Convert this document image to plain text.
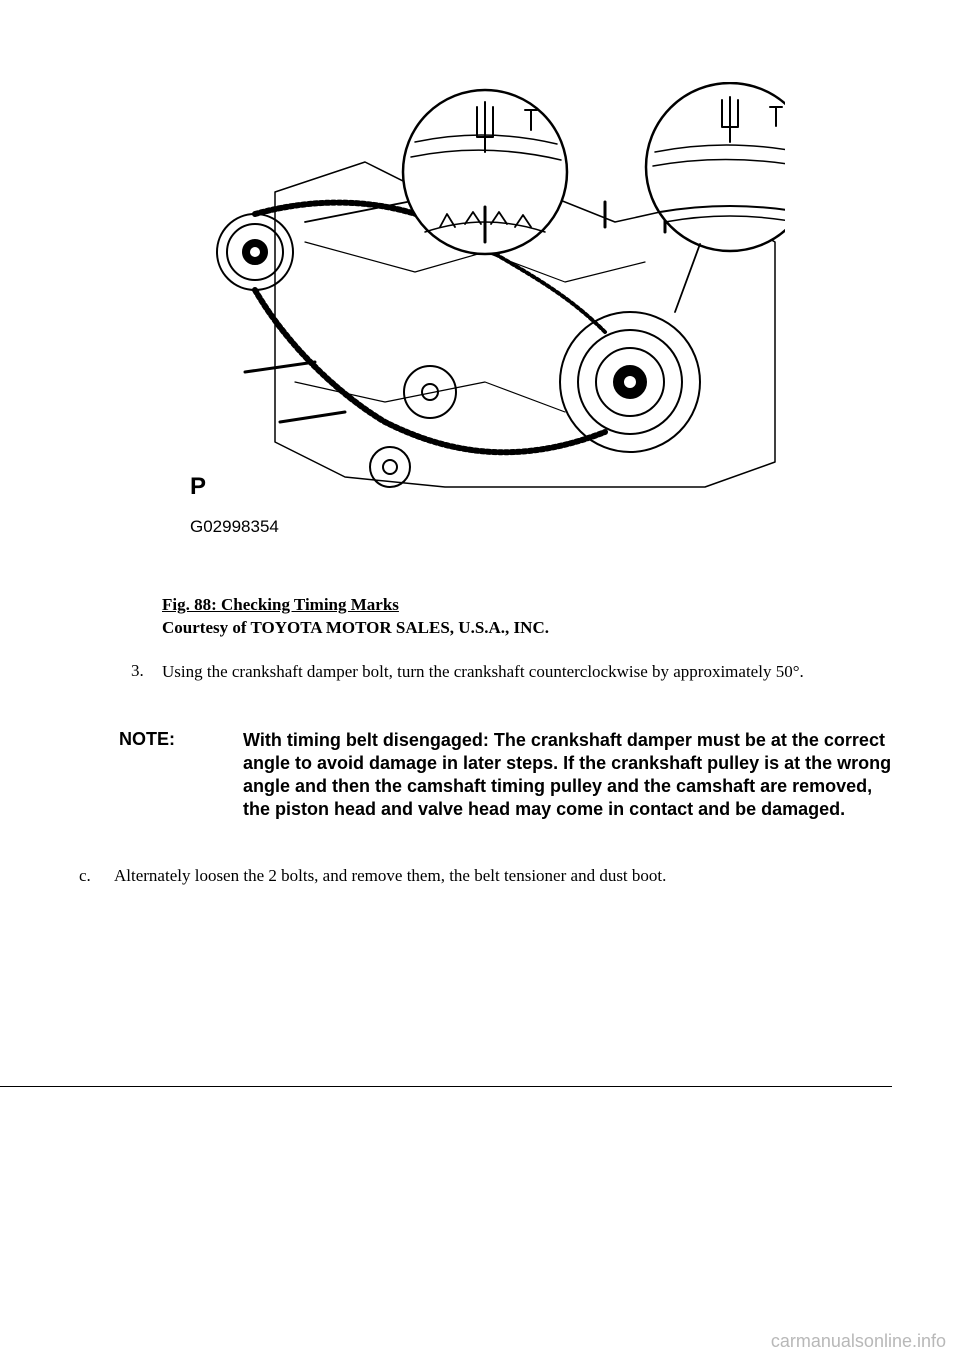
P
G02998354
Fig. 88: Checking Timing Marks
Courtesy of TOYOTA MOTOR SALES, U.S.A., INC.
3. Using the crankshaft damper bolt, turn the crankshaft counterclockwise by approximately 50°.
NOTE:	With timing belt disengaged: The crankshaft damper must be at the correct angle to avoid damage in later steps. If the crankshaft pulley is at the wrong angle and then the camshaft timing pulley and the camshaft are removed, the piston head and valve head may come in contact and be damaged.
c. Alternately loosen the 2 bolts, and remove them, the belt tensioner and dust boot.
carmanualsonline.info
